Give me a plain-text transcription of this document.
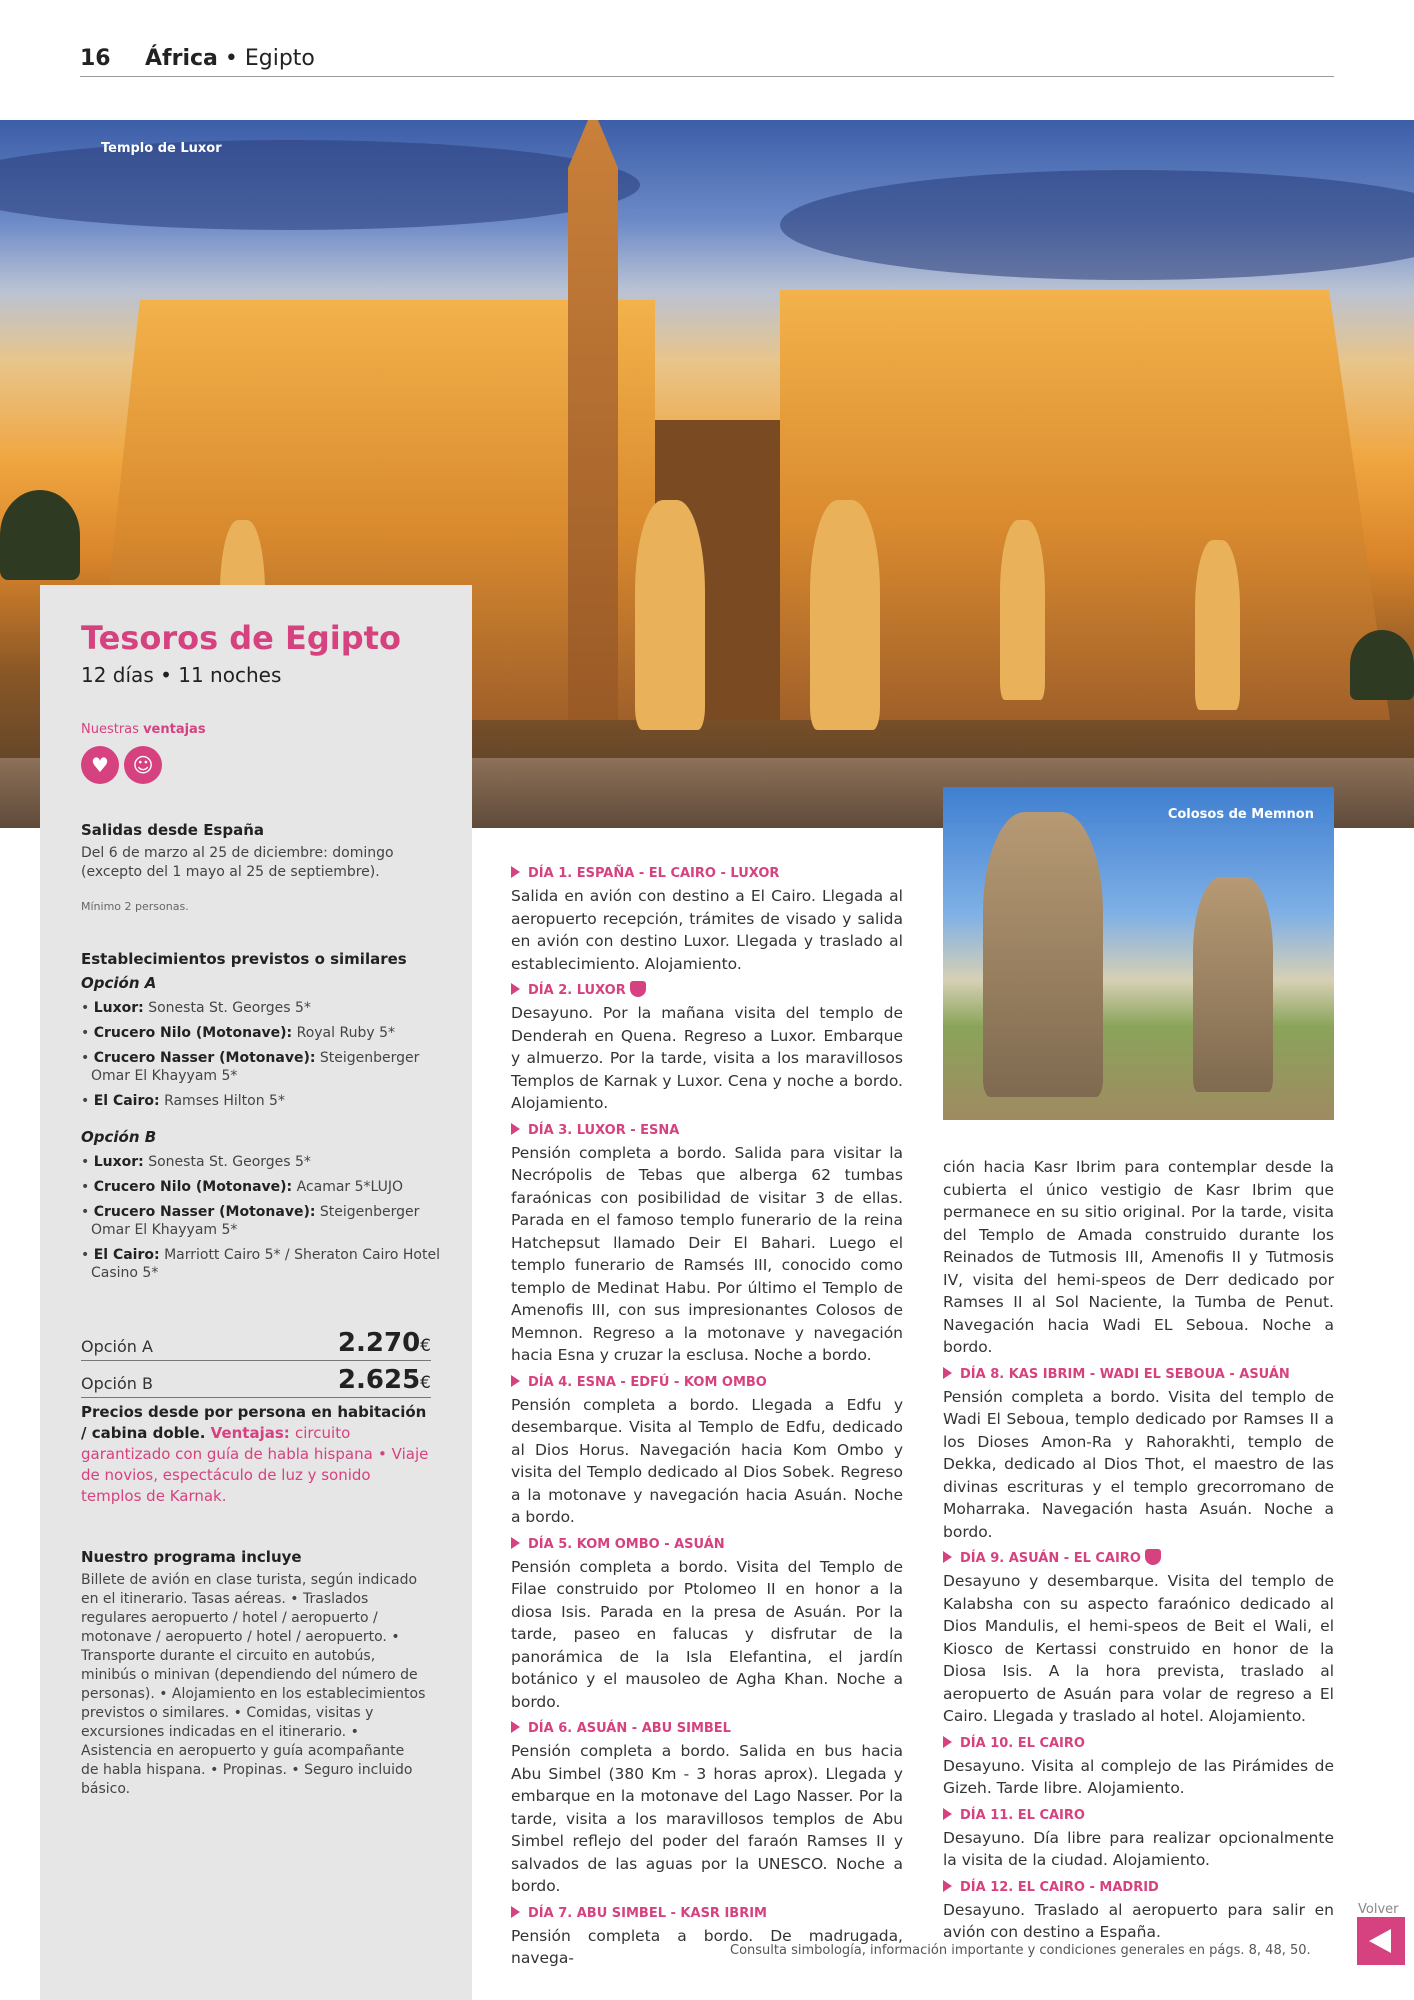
16 África • Egipto
Templo de Luxor
Tesoros de Egipto
12 días • 11 noches
Nuestras ventajas
♥	☺
Salidas desde España
Del 6 de marzo al 25 de diciembre: domingo (excepto del 1 mayo al 25 de septiembre).
Mínimo 2 personas.
Establecimientos previstos o similares
Opción A
• Luxor: Sonesta St. Georges 5*
• Crucero Nilo (Motonave): Royal Ruby 5*
• Crucero Nasser (Motonave): Steigenberger Omar El Khayyam 5*
• El Cairo: Ramses Hilton 5*
Opción B
• Luxor: Sonesta St. Georges 5*
• Crucero Nilo (Motonave): Acamar 5*LUJO
• Crucero Nasser (Motonave): Steigenberger Omar El Khayyam 5*
• El Cairo: Marriott Cairo 5* / Sheraton Cairo Hotel Casino 5*
Opción A	2.270€
Opción B	2.625€
Precios desde por persona en habitación / cabina doble. Ventajas: circuito garantizado con guía de habla hispana • Viaje de novios, espectáculo de luz y sonido templos de Karnak.
Nuestro programa incluye
Billete de avión en clase turista, según indicado en el itinerario. Tasas aéreas. • Traslados regulares aeropuerto / hotel / aeropuerto / motonave / aeropuerto / hotel / aeropuerto. • Transporte durante el circuito en autobús, minibús o minivan (dependiendo del número de personas). • Alojamiento en los establecimientos previstos o similares. • Comidas, visitas y excursiones indicadas en el itinerario. • Asistencia en aeropuerto y guía acompañante de habla hispana. • Propinas. • Seguro incluido básico.
DÍA 1. ESPAÑA - EL CAIRO - LUXOR
Salida en avión con destino a El Cairo. Llegada al aeropuerto recepción, trámites de visado y salida en avión con destino Luxor. Llegada y traslado al establecimiento. Alojamiento.
DÍA 2. LUXOR
Desayuno. Por la mañana visita del templo de Denderah en Quena. Regreso a Luxor. Embarque y almuerzo. Por la tarde, visita a los maravillosos Templos de Karnak y Luxor. Cena y noche a bordo. Alojamiento.
DÍA 3. LUXOR - ESNA
Pensión completa a bordo. Salida para visitar la Necrópolis de Tebas que alberga 62 tumbas faraónicas con posibilidad de visitar 3 de ellas. Parada en el famoso templo funerario de la reina Hatchepsut llamado Deir El Bahari. Luego el templo funerario de Ramsés III, conocido como templo de Medinat Habu. Por último el Templo de Amenofis III, con sus impresionantes Colosos de Memnon. Regreso a la motonave y navegación hacia Esna y cruzar la esclusa. Noche a bordo.
DÍA 4. ESNA - EDFÚ - KOM OMBO
Pensión completa a bordo. Llegada a Edfu y desembarque. Visita al Templo de Edfu, dedicado al Dios Horus. Navegación hacia Kom Ombo y visita del Templo dedicado al Dios Sobek. Regreso a la motonave y navegación hacia Asuán. Noche a bordo.
DÍA 5. KOM OMBO - ASUÁN
Pensión completa a bordo. Visita del Templo de Filae construido por Ptolomeo II en honor a la diosa Isis. Parada en la presa de Asuán. Por la tarde, paseo en falucas y disfrutar de la panorámica de la Isla Elefantina, el jardín botánico y el mausoleo de Agha Khan. Noche a bordo.
DÍA 6. ASUÁN - ABU SIMBEL
Pensión completa a bordo. Salida en bus hacia Abu Simbel (380 Km - 3 horas aprox). Llegada y embarque en la motonave del Lago Nasser. Por la tarde, visita a los maravillosos templos de Abu Simbel reflejo del poder del faraón Ramses II y salvados de las aguas por la UNESCO. Noche a bordo.
DÍA 7. ABU SIMBEL - KASR IBRIM
Pensión completa a bordo. De madrugada, navega-
Colosos de Memnon
ción hacia Kasr Ibrim para contemplar desde la cubierta el único vestigio de Kasr Ibrim que permanece en su sitio original. Por la tarde, visita del Templo de Amada construido durante los Reinados de Tutmosis III, Amenofis II y Tutmosis IV, visita del hemi-speos de Derr dedicado por Ramses II al Sol Naciente, la Tumba de Penut. Navegación hacia Wadi EL Seboua. Noche a bordo.
DÍA 8. KAS IBRIM - WADI EL SEBOUA - ASUÁN
Pensión completa a bordo. Visita del templo de Wadi El Seboua, templo dedicado por Ramses II a los Dioses Amon-Ra y Rahorakhti, templo de Dekka, dedicado al Dios Thot, el maestro de las divinas escrituras y el templo grecorromano de Moharraka. Navegación hasta Asuán. Noche a bordo.
DÍA 9. ASUÁN - EL CAIRO
Desayuno y desembarque. Visita del templo de Kalabsha con su aspecto faraónico dedicado al Dios Mandulis, el hemi-speos de Beit el Wali, el Kiosco de Kertassi construido en honor de la Diosa Isis. A la hora prevista, traslado al aeropuerto de Asuán para volar de regreso a El Cairo. Llegada y traslado al hotel. Alojamiento.
DÍA 10. EL CAIRO
Desayuno. Visita al complejo de las Pirámides de Gizeh. Tarde libre. Alojamiento.
DÍA 11. EL CAIRO
Desayuno. Día libre para realizar opcionalmente la visita de la ciudad. Alojamiento.
DÍA 12. EL CAIRO - MADRID
Desayuno. Traslado al aeropuerto para salir en avión con destino a España.
Consulta simbología, información importante y condiciones generales en págs. 8, 48, 50.
Volver
